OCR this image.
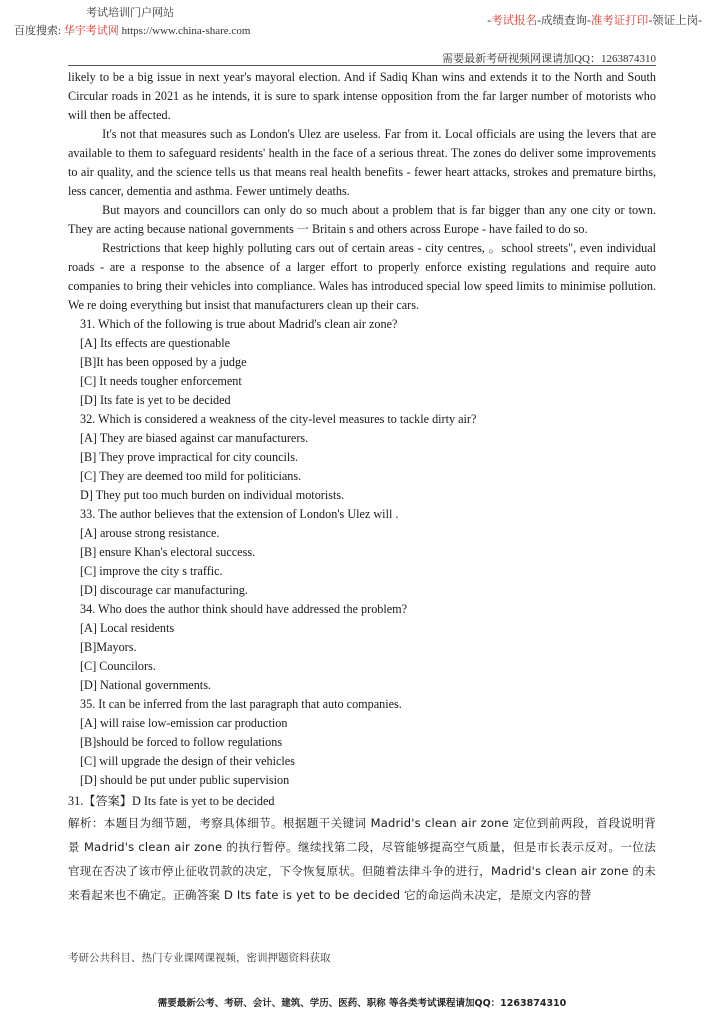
考试培训门户网站
百度搜索: 华宇考试网 https://www.china-share.com
-考试报名-成绩查询-准考证打印-领证上岗-
需要最新考研视频网课请加QQ：1263874310

likely to be a big issue in next year's mayoral election. And if Sadiq Khan wins and extends it to the North and South Circular roads in 2021 as he intends, it is sure to spark intense opposition from the far larger number of motorists who will then be affected.

It's not that measures such as London's Ulez are useless. Far from it. Local officials are using the levers that are available to them to safeguard residents' health in the face of a serious threat. The zones do deliver some improvements to air quality, and the science tells us that means real health benefits - fewer heart attacks, strokes and premature births, less cancer, dementia and asthma. Fewer untimely deaths.

But mayors and councillors can only do so much about a problem that is far bigger than any one city or town. They are acting because national governments 一 Britain s and others across Europe - have failed to do so.

Restrictions that keep highly polluting cars out of certain areas - city centres, 。school streets", even individual roads - are a response to the absence of a larger effort to properly enforce existing regulations and require auto companies to bring their vehicles into compliance. Wales has introduced special low speed limits to minimise pollution. We re doing everything but insist that manufacturers clean up their cars.

31. Which of the following is true about Madrid's clean air zone?

[A] Its effects are questionable

[B]It has been opposed by a judge

[C] It needs tougher enforcement

[D] Its fate is yet to be decided

32. Which is considered a weakness of the city-level measures to tackle dirty air?

[A] They are biased against car manufacturers.

[B] They prove impractical for city councils.

[C] They are deemed too mild for politicians.

D] They put too much burden on individual motorists.

33. The author believes that the extension of London's Ulez will .

[A] arouse strong resistance.

[B] ensure Khan's electoral success.

[C] improve the city s traffic.

[D] discourage car manufacturing.

34. Who does the author think should have addressed the problem?

[A] Local residents

[B]Mayors.

[C] Councilors.

[D] National governments.

35. It can be inferred from the last paragraph that auto companies.

[A] will raise low-emission car production

[B]should be forced to follow regulations

[C] will upgrade the design of their vehicles

[D] should be put under public supervision

31.【答案】D Its fate is yet to be decided

解析：本题目为细节题，考察具体细节。根据题干关键词 Madrid's clean air zone 定位到前两段，首段说明背景 Madrid's clean air zone 的执行暂停。继续找第二段，尽管能够提高空气质量，但是市长表示反对。一位法官现在否决了该市停止征收罚款的决定，下令恢复原状。但随着法律斗争的进行，Madrid's clean air zone 的未来看起来也不确定。正确答案 D Its fate is yet to be decided 它的命运尚未决定，是原文内容的替

考研公共科目、热门专业课网课视频，密训押题资料获取
需要最新公考、考研、会计、建筑、学历、医药、职称 等各类考试课程请加QQ：1263874310
